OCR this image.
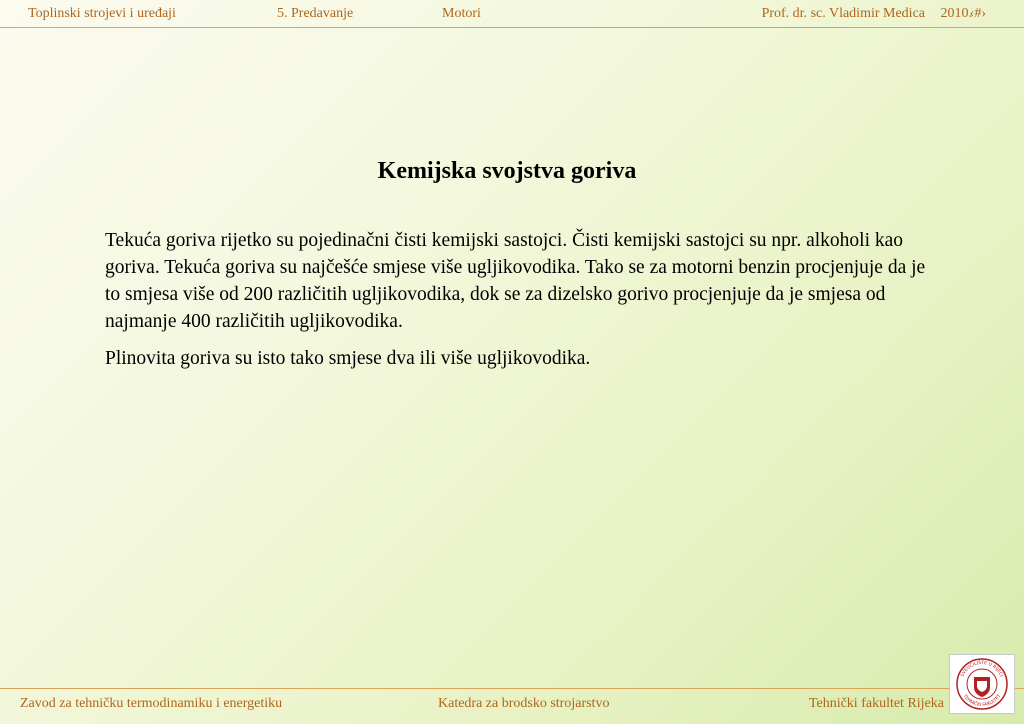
Toplinski strojevi i uređaji	5. Predavanje	Motori	Prof. dr. sc. Vladimir Medica 2010.
‹#›
Kemijska svojstva goriva

Tekuća goriva rijetko su pojedinačni čisti kemijski sastojci. Čisti kemijski sastojci su npr. alkoholi kao goriva. Tekuća goriva su najčešće smjese više ugljikovodika. Tako se za motorni benzin procjenjuje da je to smjesa više od 200 različitih ugljikovodika, dok se za dizelsko gorivo procjenjuje da je smjesa od najmanje 400 različitih ugljikovodika.

Plinovita goriva su isto tako smjese dva ili više ugljikovodika.

Zavod za tehničku termodinamiku i energetiku	Katedra za brodsko strojarstvo	Tehnički fakultet Rijeka
SVEUČILIŠTE U RIJECI
TEHNIČKI FAKULTET
